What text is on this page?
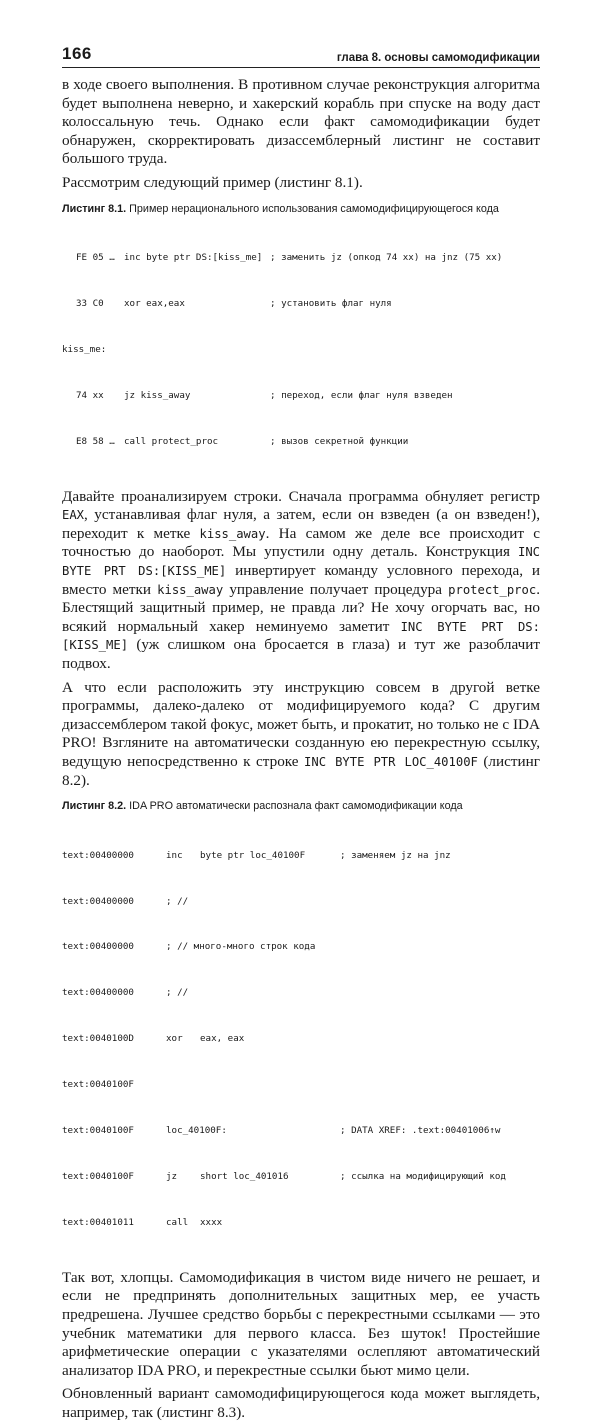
166	глава 8. основы самомодификации

в ходе своего выполнения. В противном случае реконструкция алгоритма будет выполнена неверно, и хакерский корабль при спуске на воду даст колоссальную течь. Однако если факт самомодификации будет обнаружен, скорректировать дизассемблерный листинг не составит большого труда.

Рассмотрим следующий пример (листинг 8.1).

Листинг 8.1. Пример нерационального использования самомодифицирующегося кода

FE 05 … inc byte ptr DS:[kiss_me] ; заменить jz (опкод 74 xx) на jnz (75 xx)

33 C0 xor eax,eax	; установить флаг нуля

kiss_me:

74 xx jz kiss_away	; переход, если флаг нуля взведен

E8 58 … call protect_proc	; вызов секретной функции

Давайте проанализируем строки. Сначала программа обнуляет регистр EAX, устанавливая флаг нуля, а затем, если он взведен (а он взведен!), переходит к метке kiss_away. На самом же деле все происходит с точностью до наоборот. Мы упустили одну деталь. Конструкция INC BYTE PRT DS:[KISS_ME] инвертирует команду условного перехода, и вместо метки kiss_away управление получает процедура protect_proc. Блестящий защитный пример, не правда ли? Не хочу огорчать вас, но всякий нормальный хакер неминуемо заметит INC BYTE PRT DS:[KISS_ME] (уж слишком она бросается в глаза) и тут же разоблачит подвох.

А что если расположить эту инструкцию совсем в другой ветке программы, далеко-далеко от модифицируемого кода? С другим дизассемблером такой фокус, может быть, и прокатит, но только не с IDA PRO! Взгляните на автоматически созданную ею перекрестную ссылку, ведущую непосредственно к строке INC BYTE PTR LOC_40100F (листинг 8.2).

Листинг 8.2. IDA PRO автоматически распознала факт самомодификации кода

text:00400000	inc byte ptr loc_40100F	; заменяем jz на jnz

text:00400000	; //

text:00400000	; // много-много строк кода

text:00400000	; //

text:0040100D	xor eax, eax

text:0040100F

text:0040100F	loc_40100F:	; DATA XREF: .text:00401006↑w

text:0040100F	jz short loc_401016	; ссылка на модифицирующий код

text:00401011	call xxxx

Так вот, хлопцы. Самомодификация в чистом виде ничего не решает, и если не предпринять дополнительных защитных мер, ее участь предрешена. Лучшее средство борьбы с перекрестными ссылками — это учебник математики для первого класса. Без шуток! Простейшие арифметические операции с указателями ослепляют автоматический анализатор IDA PRO, и перекрестные ссылки бьют мимо цели.

Обновленный вариант самомодифицирующегося кода может выглядеть, например, так (листинг 8.3).
